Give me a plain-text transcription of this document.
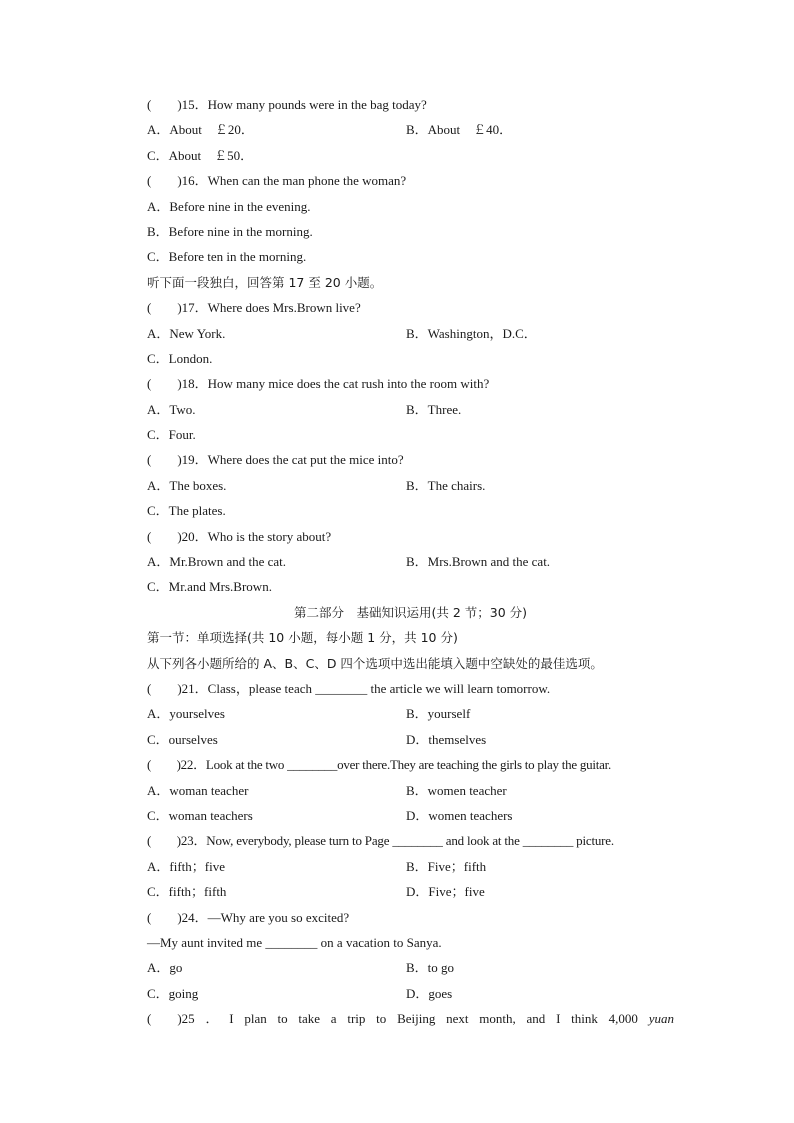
(　　)15．How many pounds were in the bag today?
A．About　￡20．	B．About　￡40．
C．About　￡50．
(　　)16．When can the man phone the woman?
A．Before nine in the evening.
B．Before nine in the morning.
C．Before ten in the morning.
听下面一段独白，回答第 17 至 20 小题。
(　　)17．Where does Mrs.Brown live?
A．New York.	B．Washington，D.C．
C．London.
(　　)18．How many mice does the cat rush into the room with?
A．Two.	B．Three.
C．Four.
(　　)19．Where does the cat put the mice into?
A．The boxes.	B．The chairs.
C．The plates.
(　　)20．Who is the story about?
A．Mr.Brown and the cat.	B．Mrs.Brown and the cat.
C．Mr.and Mrs.Brown.
第二部分　基础知识运用(共 2 节；30 分)
第一节：单项选择(共 10 小题，每小题 1 分，共 10 分)
从下列各小题所给的 A、B、C、D 四个选项中选出能填入题中空缺处的最佳选项。
(　　)21．Class，please teach ________ the article we will learn tomorrow.
A．yourselves	B．yourself
C．ourselves	D．themselves
(　　)22．Look at the two ________over there.They are teaching the girls to play the guitar.
A．woman teacher	B．women teacher
C．woman teachers	D．women teachers
(　　)23．Now, everybody, please turn to Page ________ and look at the ________ picture.
A．fifth；five	B．Five；fifth
C．fifth；fifth	D．Five；five
(　　)24．—Why are you so excited?
—My aunt invited me ________ on a vacation to Sanya.
A．go	B．to go
C．going	D．goes
(　　)25 ． I plan to take a trip to Beijing next month, and I think 4,000 yuan
